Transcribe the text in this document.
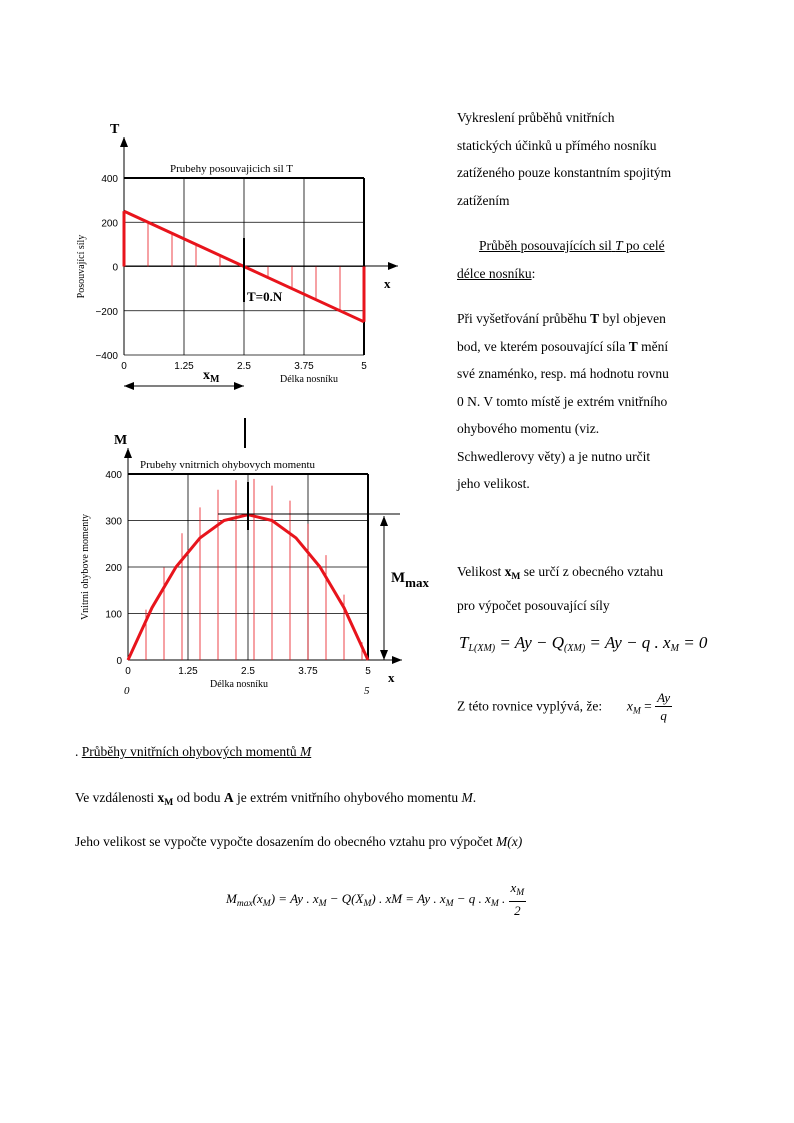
0	1.25	2.5	3.75	5
400
200
0
−200
−400
Prubehy posouvajicich sil T
Posouvající síly
Délka nosníku
T
x
T=0.N
$x_M$
0	1.25	2.5	3.75	5
400
300
200
100
0
Prubehy vnitrnich ohybovych momentu
Vnitrni ohybove momenty
Délka nosníku
M
x
Mmax
0	5
Vykreslení průběhů vnitřních
statických účinků u přímého nosníku
zatíženého pouze konstantním spojitým
zatížením
Průběh posouvajících sil T po celé
délce nosníku:
Při vyšetřování průběhu T byl objeven
bod, ve kterém posouvající síla T mění
své znaménko, resp. má hodnotu rovnu
0 N. V tomto místě je extrém vnitřního
ohybového momentu (viz.
Schwedlerovy věty) a je nutno určit
jeho velikost.
Velikost $x_M$ se určí z obecného vztahu
pro výpočet posouvající síly
$T_{L(XM)} = Ay - Q_{(XM)} = Ay - q$ . $x_M = 0$
Z této rovnice vyplývá, že: $x_M = \frac{Ay}{q}$
. Průběhy vnitřních ohybových momentů M
Ve vzdálenosti $x_M$ od bodu A je extrém vnitřního ohybového momentu M.
Jeho velikost se vypočte vypočte dosazením do obecného vztahu pro výpočet M(x)
$M_{max}(x_M) = Ay$ . $x_M - Q(X_M)$ . xM = Ay . $x_M - q$ . $x_M$ . $\frac{x_M}{2}$
